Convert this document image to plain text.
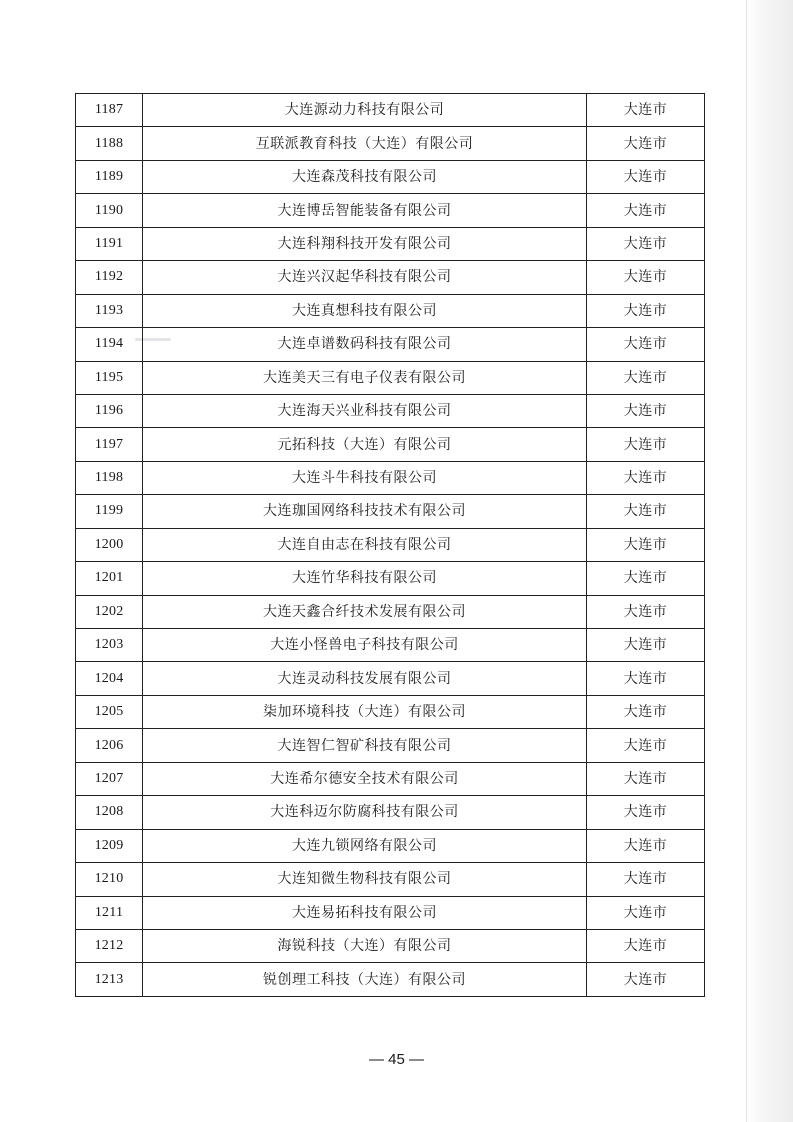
1187	大连源动力科技有限公司	大连市
1188	互联派教育科技（大连）有限公司	大连市
1189	大连森茂科技有限公司	大连市
1190	大连博岳智能装备有限公司	大连市
1191	大连科翔科技开发有限公司	大连市
1192	大连兴汉起华科技有限公司	大连市
1193	大连真想科技有限公司	大连市
1194	大连卓谱数码科技有限公司	大连市
1195	大连美天三有电子仪表有限公司	大连市
1196	大连海天兴业科技有限公司	大连市
1197	元拓科技（大连）有限公司	大连市
1198	大连斗牛科技有限公司	大连市
1199	大连珈国网络科技技术有限公司	大连市
1200	大连自由志在科技有限公司	大连市
1201	大连竹华科技有限公司	大连市
1202	大连天鑫合纤技术发展有限公司	大连市
1203	大连小怪兽电子科技有限公司	大连市
1204	大连灵动科技发展有限公司	大连市
1205	柒加环境科技（大连）有限公司	大连市
1206	大连智仁智矿科技有限公司	大连市
1207	大连希尔德安全技术有限公司	大连市
1208	大连科迈尔防腐科技有限公司	大连市
1209	大连九锁网络有限公司	大连市
1210	大连知微生物科技有限公司	大连市
1211	大连易拓科技有限公司	大连市
1212	海锐科技（大连）有限公司	大连市
1213	锐创理工科技（大连）有限公司	大连市
— 45 —
